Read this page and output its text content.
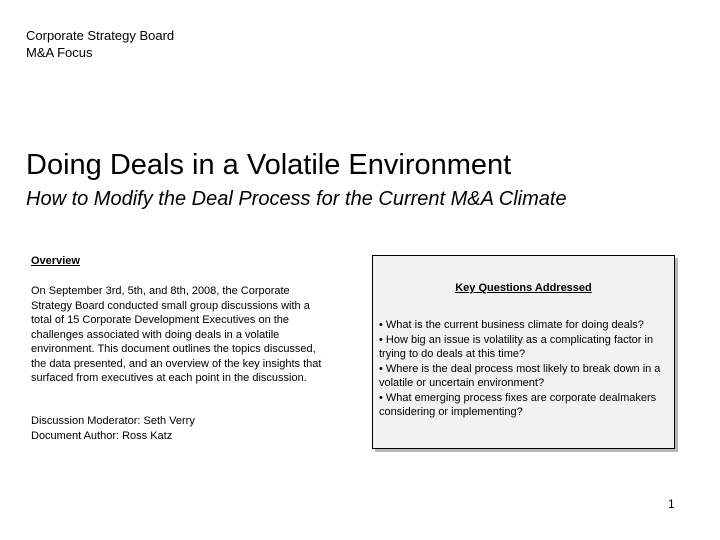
Corporate Strategy Board
M&A Focus
Doing Deals in a Volatile Environment
How to Modify the Deal Process for the Current M&A Climate
Overview
On September 3rd, 5th, and 8th, 2008, the Corporate Strategy Board conducted small group discussions with a total of 15 Corporate Development Executives on the challenges associated with doing deals in a volatile environment. This document outlines the topics discussed, the data presented, and an overview of the key insights that surfaced from executives at each point in the discussion.
Discussion Moderator: Seth Verry
Document Author: Ross Katz
Key Questions Addressed
• What is the current business climate for doing deals?
• How big an issue is volatility as a complicating factor in trying to do deals at this time?
• Where is the deal process most likely to break down in a volatile or uncertain environment?
• What emerging process fixes are corporate dealmakers considering or implementing?
1
